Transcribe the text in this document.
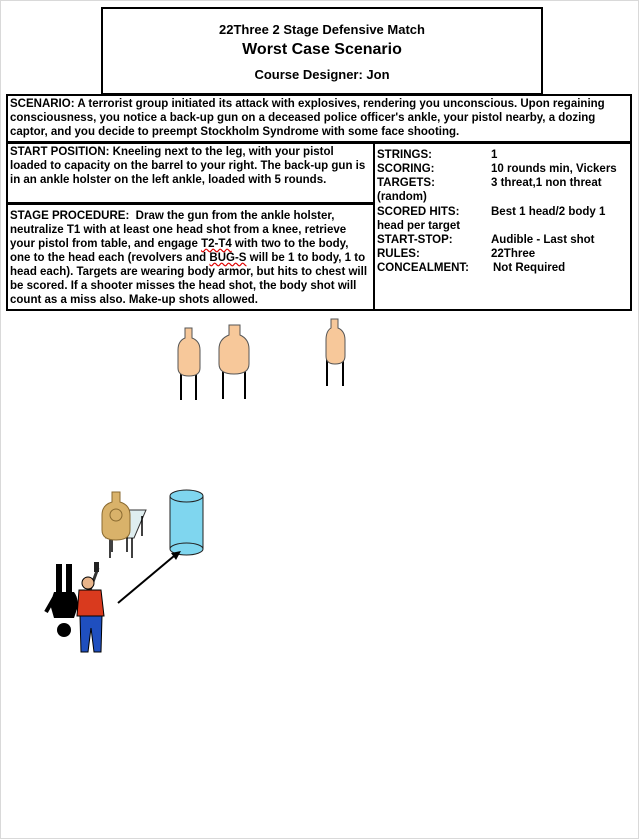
22Three 2 Stage Defensive Match
Worst Case Scenario
Course Designer: Jon
SCENARIO: A terrorist group initiated its attack with explosives, rendering you unconscious. Upon regaining consciousness, you notice a back-up gun on a deceased police officer's ankle, your pistol nearby, a dozing captor, and you decide to preempt Stockholm Syndrome with some face shooting.
START POSITION: Kneeling next to the leg, with your pistol loaded to capacity on the barrel to your right. The back-up gun is in an ankle holster on the left ankle, loaded with 5 rounds.
STAGE PROCEDURE: Draw the gun from the ankle holster, neutralize T1 with at least one head shot from a knee, retrieve your pistol from table, and engage T2-T4 with two to the body, one to the head each (revolvers and BUG-S will be 1 to body, 1 to head each). Targets are wearing body armor, but hits to chest will be scored. If a shooter misses the head shot, the body shot will count as a miss also. Make-up shots allowed.
STRINGS:	1
SCORING:	10 rounds min, Vickers
TARGETS:	3 threat,1 non threat
(random)
SCORED HITS:	Best 1 head/2 body 1
head per target
START-STOP:	Audible - Last shot
RULES:	22Three
CONCEALMENT: Not Required
